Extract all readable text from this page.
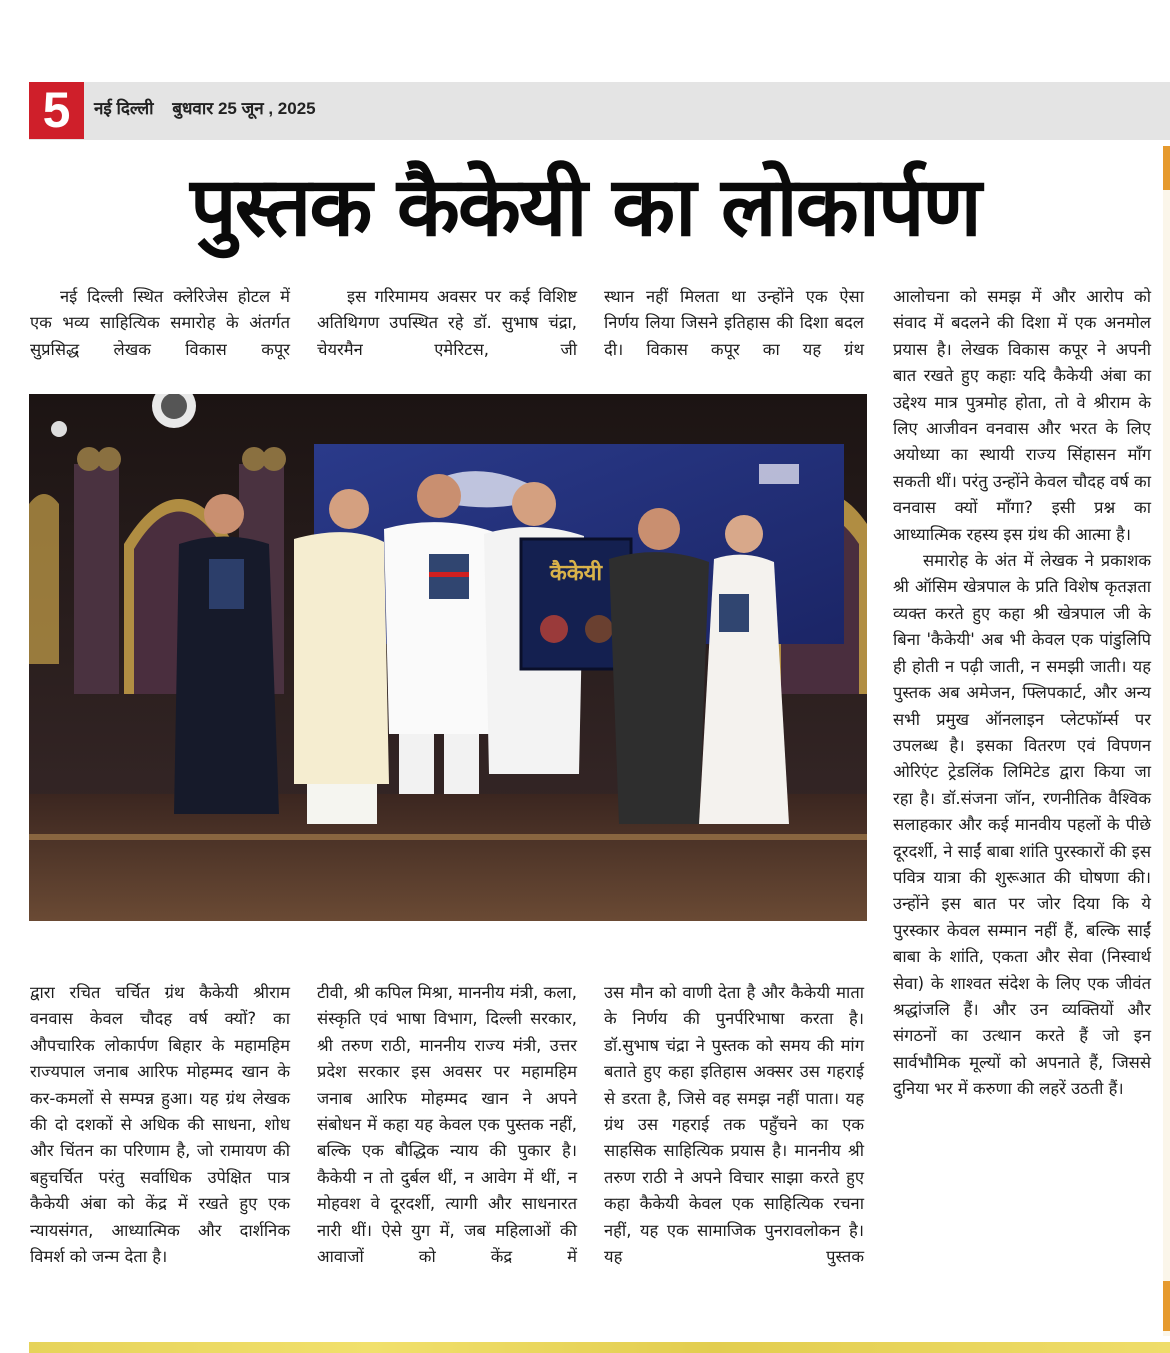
5	नई दिल्ली बुधवार 25 जून , 2025
पुस्तक कैकेयी का लोकार्पण

नई दिल्ली स्थित क्लेरिजेस होटल में एक भव्य साहित्यिक समारोह के अंतर्गत सुप्रसिद्ध लेखक विकास कपूर

इस गरिमामय अवसर पर कई विशिष्ट अतिथिगण उपस्थित रहे डॉ. सुभाष चंद्रा, चेयरमैन एमेरिटस, जी

स्थान नहीं मिलता था उन्होंने एक ऐसा निर्णय लिया जिसने इतिहास की दिशा बदल दी। विकास कपूर का यह ग्रंथ

आलोचना को समझ में और आरोप को संवाद में बदलने की दिशा में एक अनमोल प्रयास है। लेखक विकास कपूर ने अपनी बात रखते हुए कहाः यदि कैकेयी अंबा का उद्देश्य मात्र पुत्रमोह होता, तो वे श्रीराम के लिए आजीवन वनवास और भरत के लिए अयोध्या का स्थायी राज्य सिंहासन माँग सकती थीं। परंतु उन्होंने केवल चौदह वर्ष का वनवास क्यों माँगा? इसी प्रश्न का आध्यात्मिक रहस्य इस ग्रंथ की आत्मा है।

समारोह के अंत में लेखक ने प्रकाशक श्री ऑसिम खेत्रपाल के प्रति विशेष कृतज्ञता व्यक्त करते हुए कहा श्री खेत्रपाल जी के बिना 'कैकेयी' अब भी केवल एक पांडुलिपि ही होती न पढ़ी जाती, न समझी जाती। यह पुस्तक अब अमेजन, फ्लिपकार्ट, और अन्य सभी प्रमुख ऑनलाइन प्लेटफॉर्म्स पर उपलब्ध है। इसका वितरण एवं विपणन ओरिएंट ट्रेडलिंक लिमिटेड द्वारा किया जा रहा है। डॉ.संजना जॉन, रणनीतिक वैश्विक सलाहकार और कई मानवीय पहलों के पीछे दूरदर्शी, ने साईं बाबा शांति पुरस्कारों की इस पवित्र यात्रा की शुरूआत की घोषणा की। उन्होंने इस बात पर जोर दिया कि ये पुरस्कार केवल सम्मान नहीं हैं, बल्कि साईं बाबा के शांति, एकता और सेवा (निस्वार्थ सेवा) के शाश्वत संदेश के लिए एक जीवंत श्रद्धांजलि हैं। और उन व्यक्तियों और संगठनों का उत्थान करते हैं जो इन सार्वभौमिक मूल्यों को अपनाते हैं, जिससे दुनिया भर में करुणा की लहरें उठती हैं।

कैकेयी

द्वारा रचित चर्चित ग्रंथ कैकेयी श्रीराम वनवास केवल चौदह वर्ष क्यों? का औपचारिक लोकार्पण बिहार के महामहिम राज्यपाल जनाब आरिफ मोहम्मद खान के कर-कमलों से सम्पन्न हुआ। यह ग्रंथ लेखक की दो दशकों से अधिक की साधना, शोध और चिंतन का परिणाम है, जो रामायण की बहुचर्चित परंतु सर्वाधिक उपेक्षित पात्र कैकेयी अंबा को केंद्र में रखते हुए एक न्यायसंगत, आध्यात्मिक और दार्शनिक विमर्श को जन्म देता है।

टीवी, श्री कपिल मिश्रा, माननीय मंत्री, कला, संस्कृति एवं भाषा विभाग, दिल्ली सरकार, श्री तरुण राठी, माननीय राज्य मंत्री, उत्तर प्रदेश सरकार इस अवसर पर महामहिम जनाब आरिफ मोहम्मद खान ने अपने संबोधन में कहा यह केवल एक पुस्तक नहीं, बल्कि एक बौद्धिक न्याय की पुकार है। कैकेयी न तो दुर्बल थीं, न आवेग में थीं, न मोहवश वे दूरदर्शी, त्यागी और साधनारत नारी थीं। ऐसे युग में, जब महिलाओं की आवाजों को केंद्र में

उस मौन को वाणी देता है और कैकेयी माता के निर्णय की पुनर्परिभाषा करता है। डॉ.सुभाष चंद्रा ने पुस्तक को समय की मांग बताते हुए कहा इतिहास अक्सर उस गहराई से डरता है, जिसे वह समझ नहीं पाता। यह ग्रंथ उस गहराई तक पहुँचने का एक साहसिक साहित्यिक प्रयास है। माननीय श्री तरुण राठी ने अपने विचार साझा करते हुए कहा कैकेयी केवल एक साहित्यिक रचना नहीं, यह एक सामाजिक पुनरावलोकन है। यह पुस्तक
